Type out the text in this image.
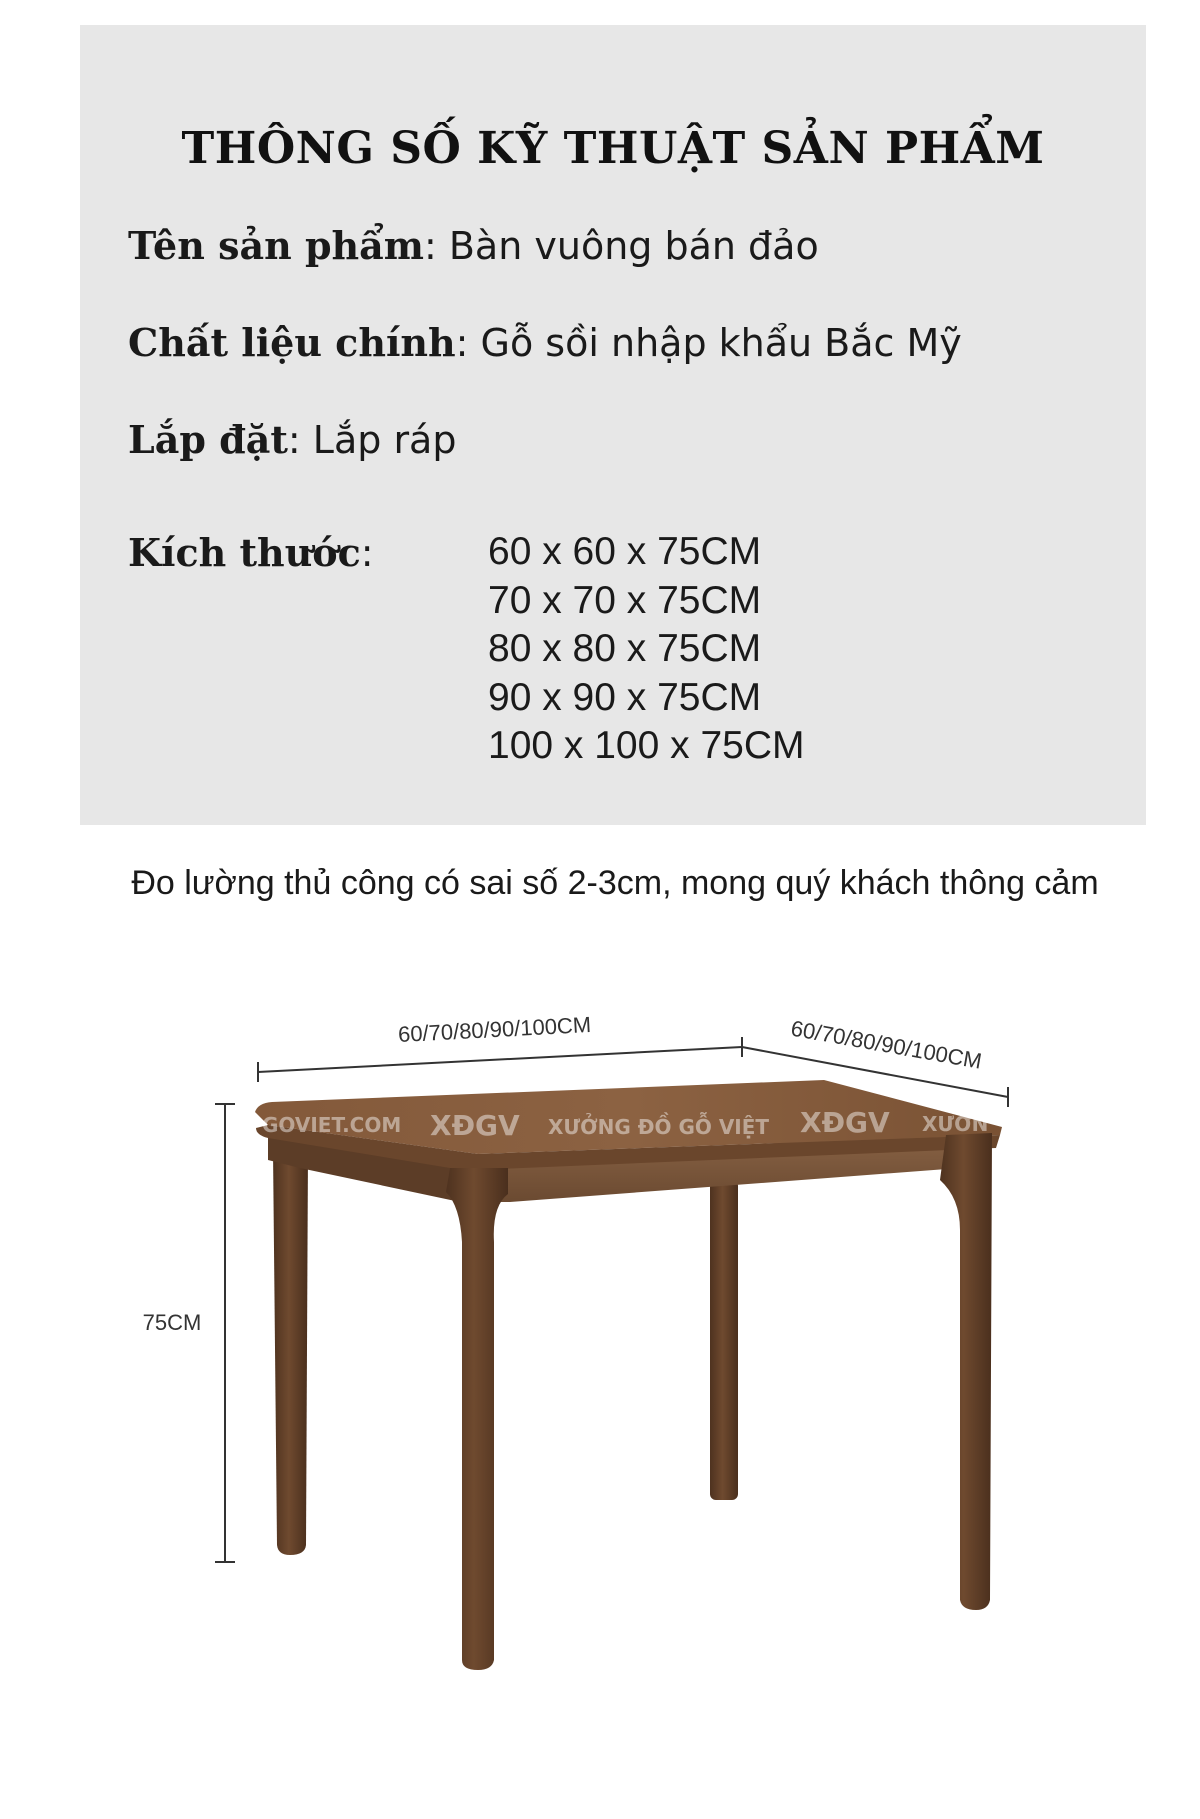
THÔNG SỐ KỸ THUẬT SẢN PHẨM
Tên sản phẩm: Bàn vuông bán đảo
Chất liệu chính: Gỗ sồi nhập khẩu Bắc Mỹ
Lắp đặt: Lắp ráp
Kích thước:	60 x 60 x 75CM
70 x 70 x 75CM
80 x 80 x 75CM
90 x 90 x 75CM
100 x 100 x 75CM
Đo lường thủ công có sai số 2-3cm, mong quý khách thông cảm
60/70/80/90/100CM	60/70/80/90/100CM
75CM
GOVIET.COM XĐGV XƯỞNG ĐỒ GỖ VIỆT XĐGV XƯỞN
